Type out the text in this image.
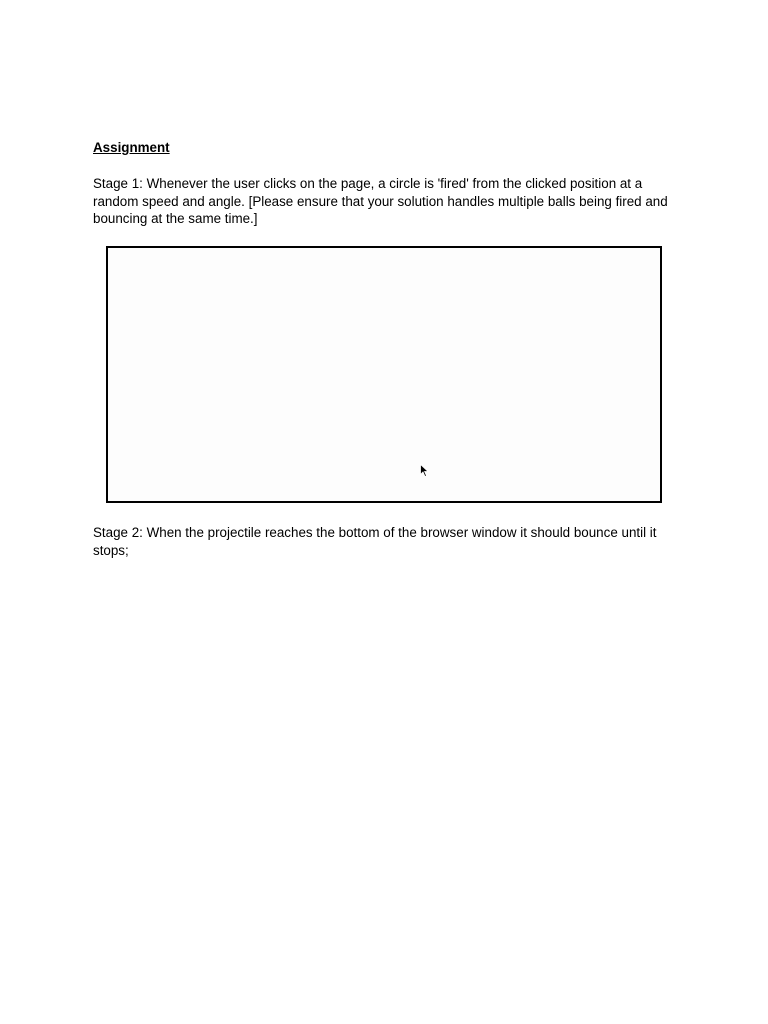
Assignment
Stage 1: Whenever the user clicks on the page, a circle is 'fired' from the clicked position at a random speed and angle. [Please ensure that your solution handles multiple balls being fired and bouncing at the same time.]
Stage 2: When the projectile reaches the bottom of the browser window it should bounce until it stops;
